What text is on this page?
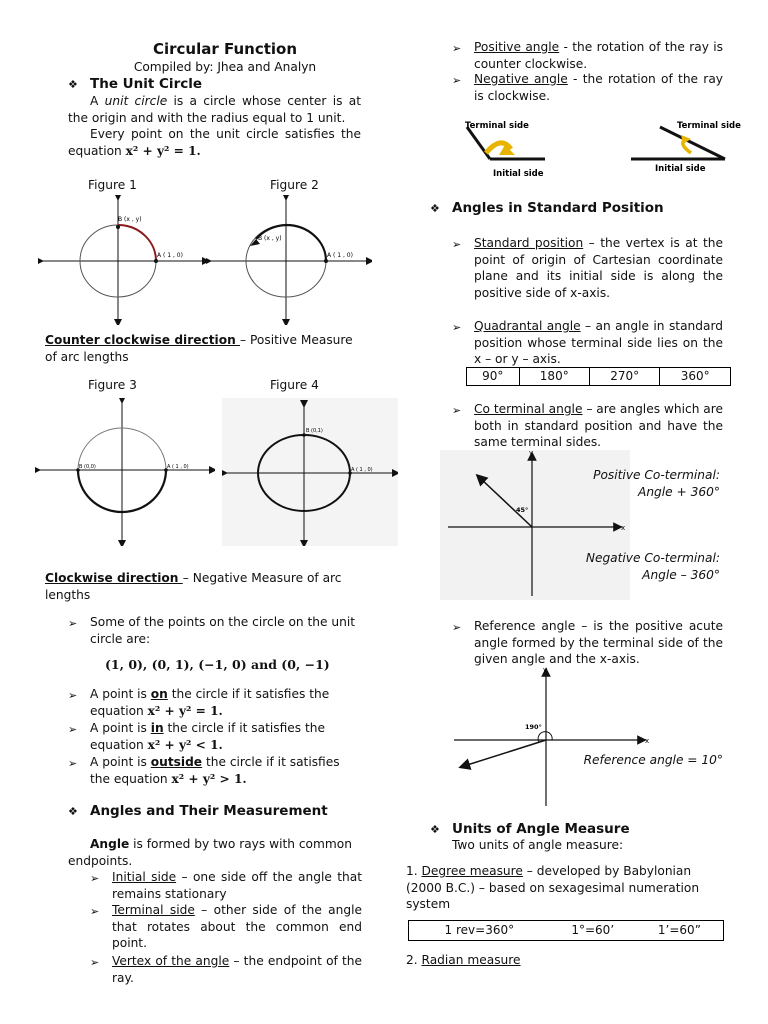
Circular Function
Compiled by: Jhea and Analyn
❖ The Unit Circle
A unit circle is a circle whose center is at the origin and with the radius equal to 1 unit.
Every point on the unit circle satisfies the equation x² + y² = 1.
Figure 1	Figure 2
B (x , y)
A ( 1 , 0)
B (x , y)
A ( 1 , 0)
Counter clockwise direction – Positive Measure of arc lengths
Figure 3	Figure 4
B (0,0)	A ( 1 , 0)
B (0,1)
A ( 1 , 0)
Clockwise direction – Negative Measure of arc lengths
➢ Some of the points on the circle on the unit circle are:
(1, 0), (0, 1), (−1, 0) and (0, −1)
➢ A point is on the circle if it satisfies the equation x² + y² = 1.
➢ A point is in the circle if it satisfies the equation x² + y² < 1.
➢ A point is outside the circle if it satisfies the equation x² + y² > 1.
❖ Angles and Their Measurement
Angle is formed by two rays with common endpoints.
➢ Initial side – one side off the angle that remains stationary
➢ Terminal side – other side of the angle that rotates about the common end point.
➢ Vertex of the angle – the endpoint of the ray.
➢ Positive angle - the rotation of the ray is counter clockwise.
➢ Negative angle - the rotation of the ray is clockwise.
Terminal side
Initial side
Terminal side
Initial side
❖ Angles in Standard Position
➢ Standard position – the vertex is at the point of origin of Cartesian coordinate plane and its initial side is along the positive side of x-axis.
➢ Quadrantal angle – an angle in standard position whose terminal side lies on the x – or y – axis.
90°	180°	270°	360°
➢ Co terminal angle – are angles which are both in standard position and have the same terminal sides.
x
y
45°
Positive Co-terminal:
Angle + 360°
Negative Co-terminal:
Angle – 360°
➢ Reference angle – is the positive acute angle formed by the terminal side of the given angle and the x-axis.
x
y
190°
Reference angle = 10°
❖ Units of Angle Measure
Two units of angle measure:
1. Degree measure – developed by Babylonian (2000 B.C.) – based on sexagesimal numeration system
1 rev=360°	1°=60’	1’=60”
2. Radian measure
